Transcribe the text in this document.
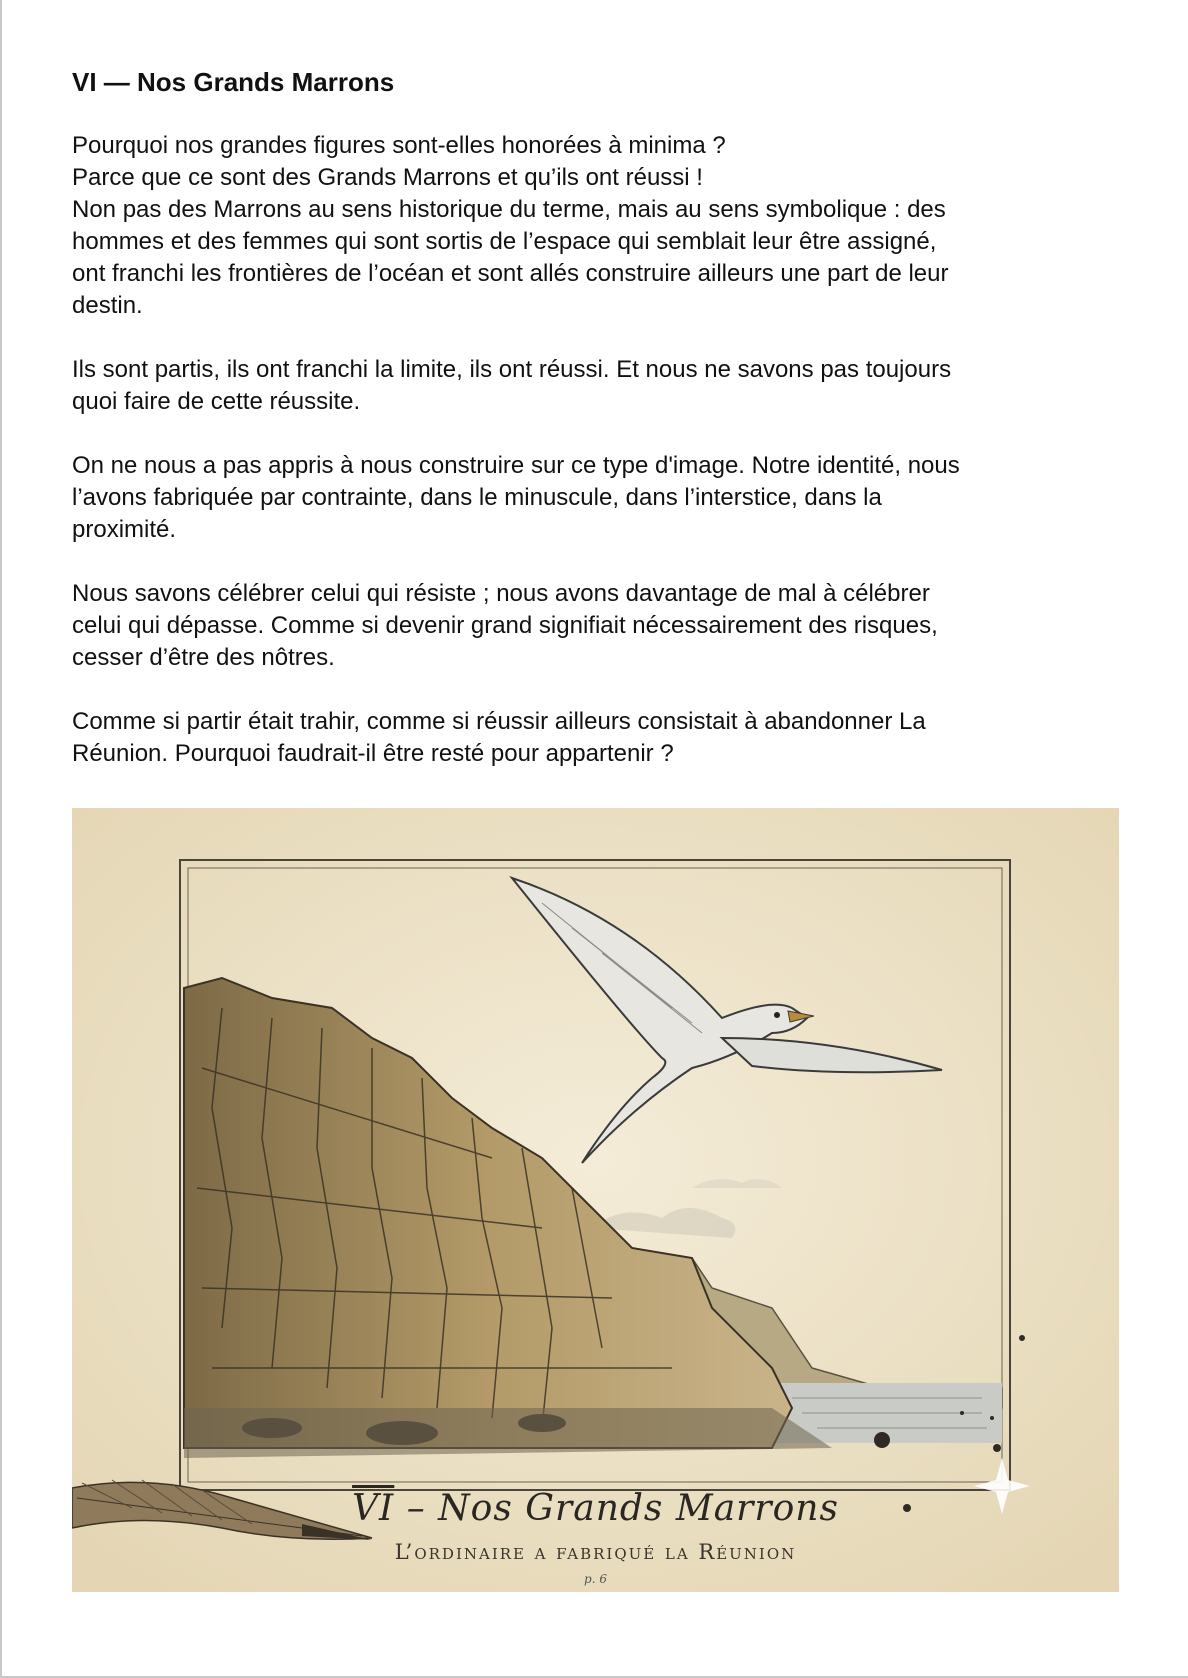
VI — Nos Grands Marrons
Pourquoi nos grandes figures sont-elles honorées à minima ?
Parce que ce sont des Grands Marrons et qu’ils ont réussi !
Non pas des Marrons au sens historique du terme, mais au sens symbolique : des
hommes et des femmes qui sont sortis de l’espace qui semblait leur être assigné,
ont franchi les frontières de l’océan et sont allés construire ailleurs une part de leur
destin.
Ils sont partis, ils ont franchi la limite, ils ont réussi. Et nous ne savons pas toujours
quoi faire de cette réussite.
On ne nous a pas appris à nous construire sur ce type d'image. Notre identité, nous
l’avons fabriquée par contrainte, dans le minuscule, dans l’interstice, dans la
proximité.
Nous savons célébrer celui qui résiste ; nous avons davantage de mal à célébrer
celui qui dépasse. Comme si devenir grand signifiait nécessairement des risques,
cesser d’être des nôtres.
Comme si partir était trahir, comme si réussir ailleurs consistait à abandonner La
Réunion. Pourquoi faudrait-il être resté pour appartenir ?
$\overline{VI}$ – Nos Grands Marrons
L’ordinaire a fabriqué la Réunion
p. 6
